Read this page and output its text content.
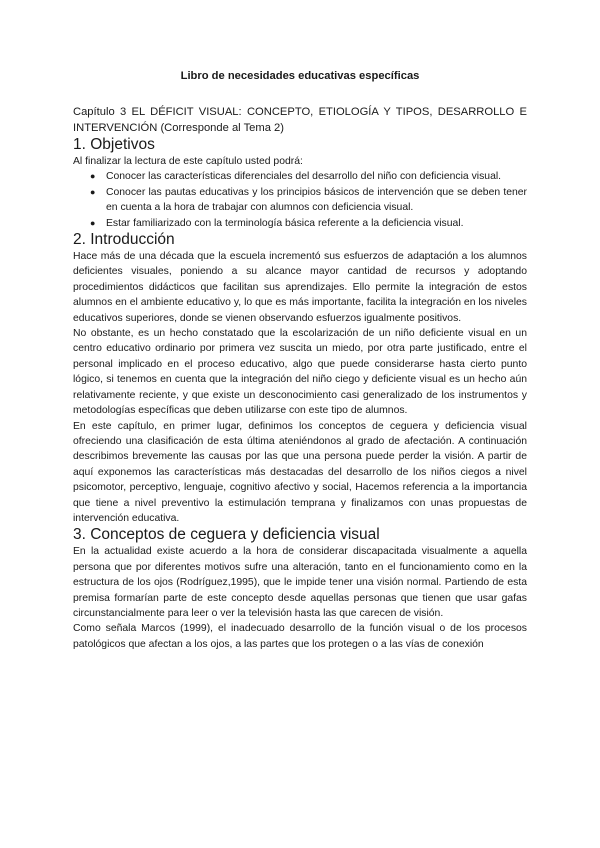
Libro de necesidades educativas específicas

Capítulo 3 EL DÉFICIT VISUAL: CONCEPTO, ETIOLOGÍA Y TIPOS, DESARROLLO E INTERVENCIÓN (Corresponde al Tema 2)

1. Objetivos

Al finalizar la lectura de este capítulo usted podrá:

● Conocer las características diferenciales del desarrollo del niño con deficiencia visual.
● Conocer las pautas educativas y los principios básicos de intervención que se deben tener en cuenta a la hora de trabajar con alumnos con deficiencia visual.
● Estar familiarizado con la terminología básica referente a la deficiencia visual.
2. Introducción

Hace más de una década que la escuela incrementó sus esfuerzos de adaptación a los alumnos deficientes visuales, poniendo a su alcance mayor cantidad de recursos y adoptando procedimientos didácticos que facilitan sus aprendizajes. Ello permite la integración de estos alumnos en el ambiente educativo y, lo que es más importante, facilita la integración en los niveles educativos superiores, donde se vienen observando esfuerzos igualmente positivos.

No obstante, es un hecho constatado que la escolarización de un niño deficiente visual en un centro educativo ordinario por primera vez suscita un miedo, por otra parte justificado, entre el personal implicado en el proceso educativo, algo que puede considerarse hasta cierto punto lógico, si tenemos en cuenta que la integración del niño ciego y deficiente visual es un hecho aún relativamente reciente, y que existe un desconocimiento casi generalizado de los instrumentos y metodologías específicas que deben utilizarse con este tipo de alumnos.

En este capítulo, en primer lugar, definimos los conceptos de ceguera y deficiencia visual ofreciendo una clasificación de esta última ateniéndonos al grado de afectación. A continuación describimos brevemente las causas por las que una persona puede perder la visión. A partir de aquí exponemos las características más destacadas del desarrollo de los niños ciegos a nivel psicomotor, perceptivo, lenguaje, cognitivo afectivo y social, Hacemos referencia a la importancia que tiene a nivel preventivo la estimulación temprana y finalizamos con unas propuestas de intervención educativa.

3. Conceptos de ceguera y deficiencia visual

En la actualidad existe acuerdo a la hora de considerar discapacitada visualmente a aquella persona que por diferentes motivos sufre una alteración, tanto en el funcionamiento como en la estructura de los ojos (Rodríguez,1995), que le impide tener una visión normal. Partiendo de esta premisa formarían parte de este concepto desde aquellas personas que tienen que usar gafas circunstancialmente para leer o ver la televisión hasta las que carecen de visión.

Como señala Marcos (1999), el inadecuado desarrollo de la función visual o de los procesos patológicos que afectan a los ojos, a las partes que los protegen o a las vías de conexión
